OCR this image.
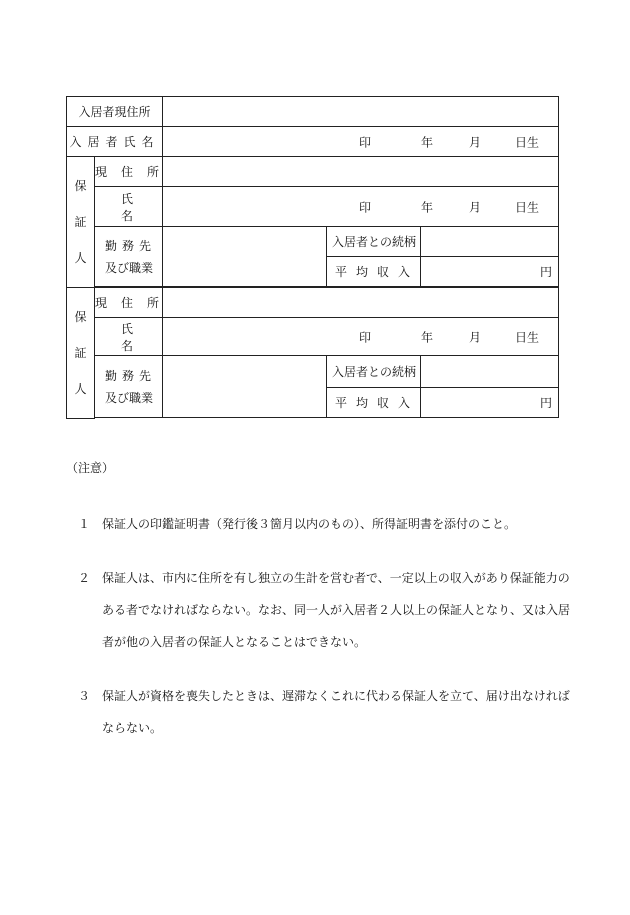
入居者現住所				
入居者氏名		印 年 月 日生		

保
証
人	現住所			
	氏名	印 年 月 日生		

	勤務先
及び職業		入居者との続柄	
			平均収入	円

保
証
人	現住所			
	氏名	印 年 月 日生		

	勤務先
及び職業		入居者との続柄	
			平均収入	円

（注意）

１ 保証人の印鑑証明書（発行後３箇月以内のもの）、所得証明書を添付のこと。
２ 保証人は、市内に住所を有し独立の生計を営む者で、一定以上の収入があり保証能力のある者でなければならない。なお、同一人が入居者２人以上の保証人となり、又は入居者が他の入居者の保証人となることはできない。
３ 保証人が資格を喪失したときは、遅滞なくこれに代わる保証人を立て、届け出なければならない。
